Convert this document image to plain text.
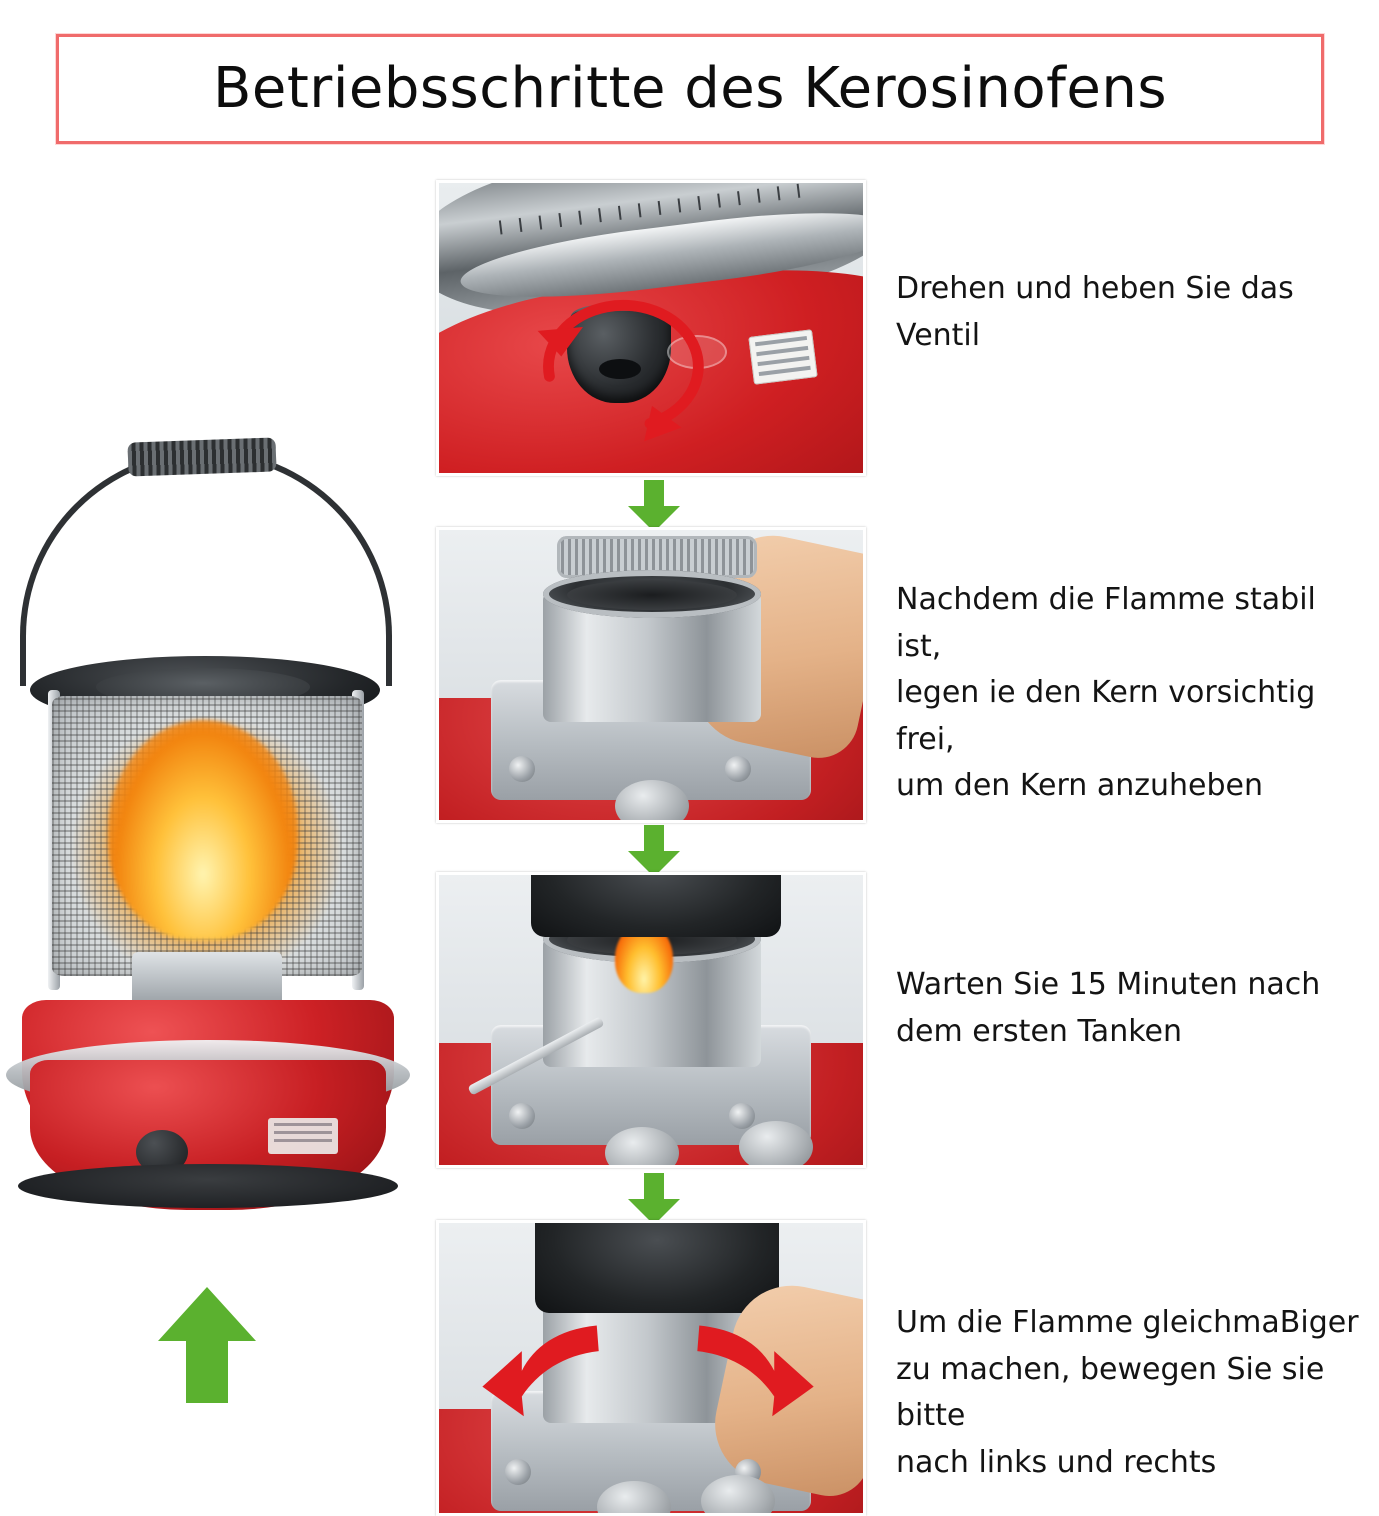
Betriebsschritte des Kerosinofens
Drehen und heben Sie das Ventil
Nachdem die Flamme stabil ist,
legen ie den Kern vorsichtig frei,
um den Kern anzuheben
Warten Sie 15 Minuten nach
dem ersten Tanken
Um die Flamme gleichmaBiger
zu machen, bewegen Sie sie bitte
nach links und rechts
